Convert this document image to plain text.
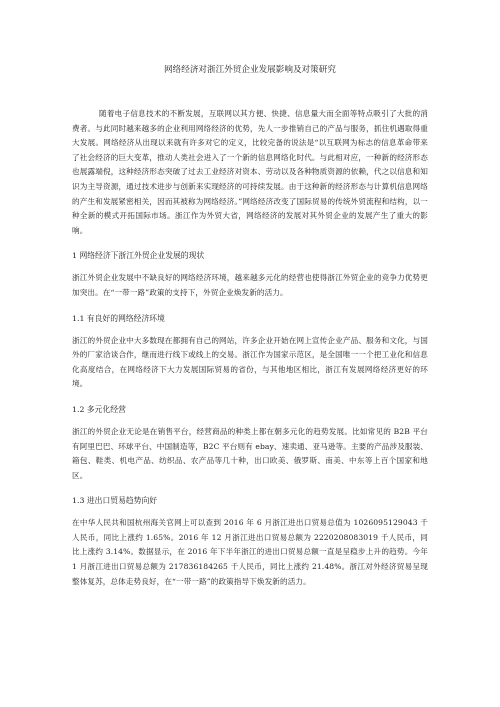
网络经济对浙江外贸企业发展影响及对策研究

随着电子信息技术的不断发展，互联网以其方便、快捷、信息量大而全面等特点吸引了大批的消费者。与此同时越来越多的企业利用网络经济的优势，先人一步推销自己的产品与服务，抓住机遇取得重大发展。网络经济从出现以来就有许多对它的定义，比较完备的说法是“以互联网为标志的信息革命带来了社会经济的巨大变革，推动人类社会进入了一个新的信息网络化时代。与此相对应，一种新的经济形态也展露端倪，这种经济形态突破了过去工业经济对资本、劳动以及各种物质资源的依赖，代之以信息和知识为主导资源，通过技术进步与创新来实现经济的可持续发展。由于这种新的经济形态与计算机信息网络的产生和发展紧密相关，因而其被称为网络经济。”网络经济改变了国际贸易的传统外贸流程和结构，以一种全新的模式开拓国际市场。浙江作为外贸大省，网络经济的发展对其外贸企业的发展产生了重大的影响。

1 网络经济下浙江外贸企业发展的现状

浙江外贸企业发展中不缺良好的网络经济环境，越来越多元化的经营也使得浙江外贸企业的竞争力优势更加突出。在“一带一路”政策的支持下，外贸企业焕发新的活力。

1.1 有良好的网络经济环境

浙江的外贸企业中大多数现在都拥有自己的网站，许多企业开始在网上宣传企业产品、服务和文化，与国外的厂家洽谈合作，继而进行线下或线上的交易。浙江作为国家示范区，是全国唯一一个把工业化和信息化高度结合，在网络经济下大力发展国际贸易的省份，与其他地区相比，浙江有发展网络经济更好的环境。

1.2 多元化经营

浙江的外贸企业无论是在销售平台，经营商品的种类上都在朝多元化的趋势发展。比如常见的 B2B 平台有阿里巴巴、环球平台、中国制造等，B2C 平台则有 ebay、速卖通、亚马逊等。主要的产品涉及服装、箱包、鞋类、机电产品、纺织品、农产品等几十种，出口欧美、俄罗斯、南美、中东等上百个国家和地区。

1.3 进出口贸易趋势向好

在中华人民共和国杭州海关官网上可以查到 2016 年 6 月浙江进出口贸易总值为 1026095129043 千人民币，同比上涨约 1.65%。2016 年 12 月浙江进出口贸易总额为 2220208083019 千人民币，同比上涨约 3.14%。数据显示，在 2016 年下半年浙江的进出口贸易总额一直是呈稳步上升的趋势。今年 1 月浙江进出口贸易总额为 217836184265 千人民币，同比上涨约 21.48%。浙江对外经济贸易呈现整体复苏，总体走势良好，在“一带一路”的政策指导下焕发新的活力。
